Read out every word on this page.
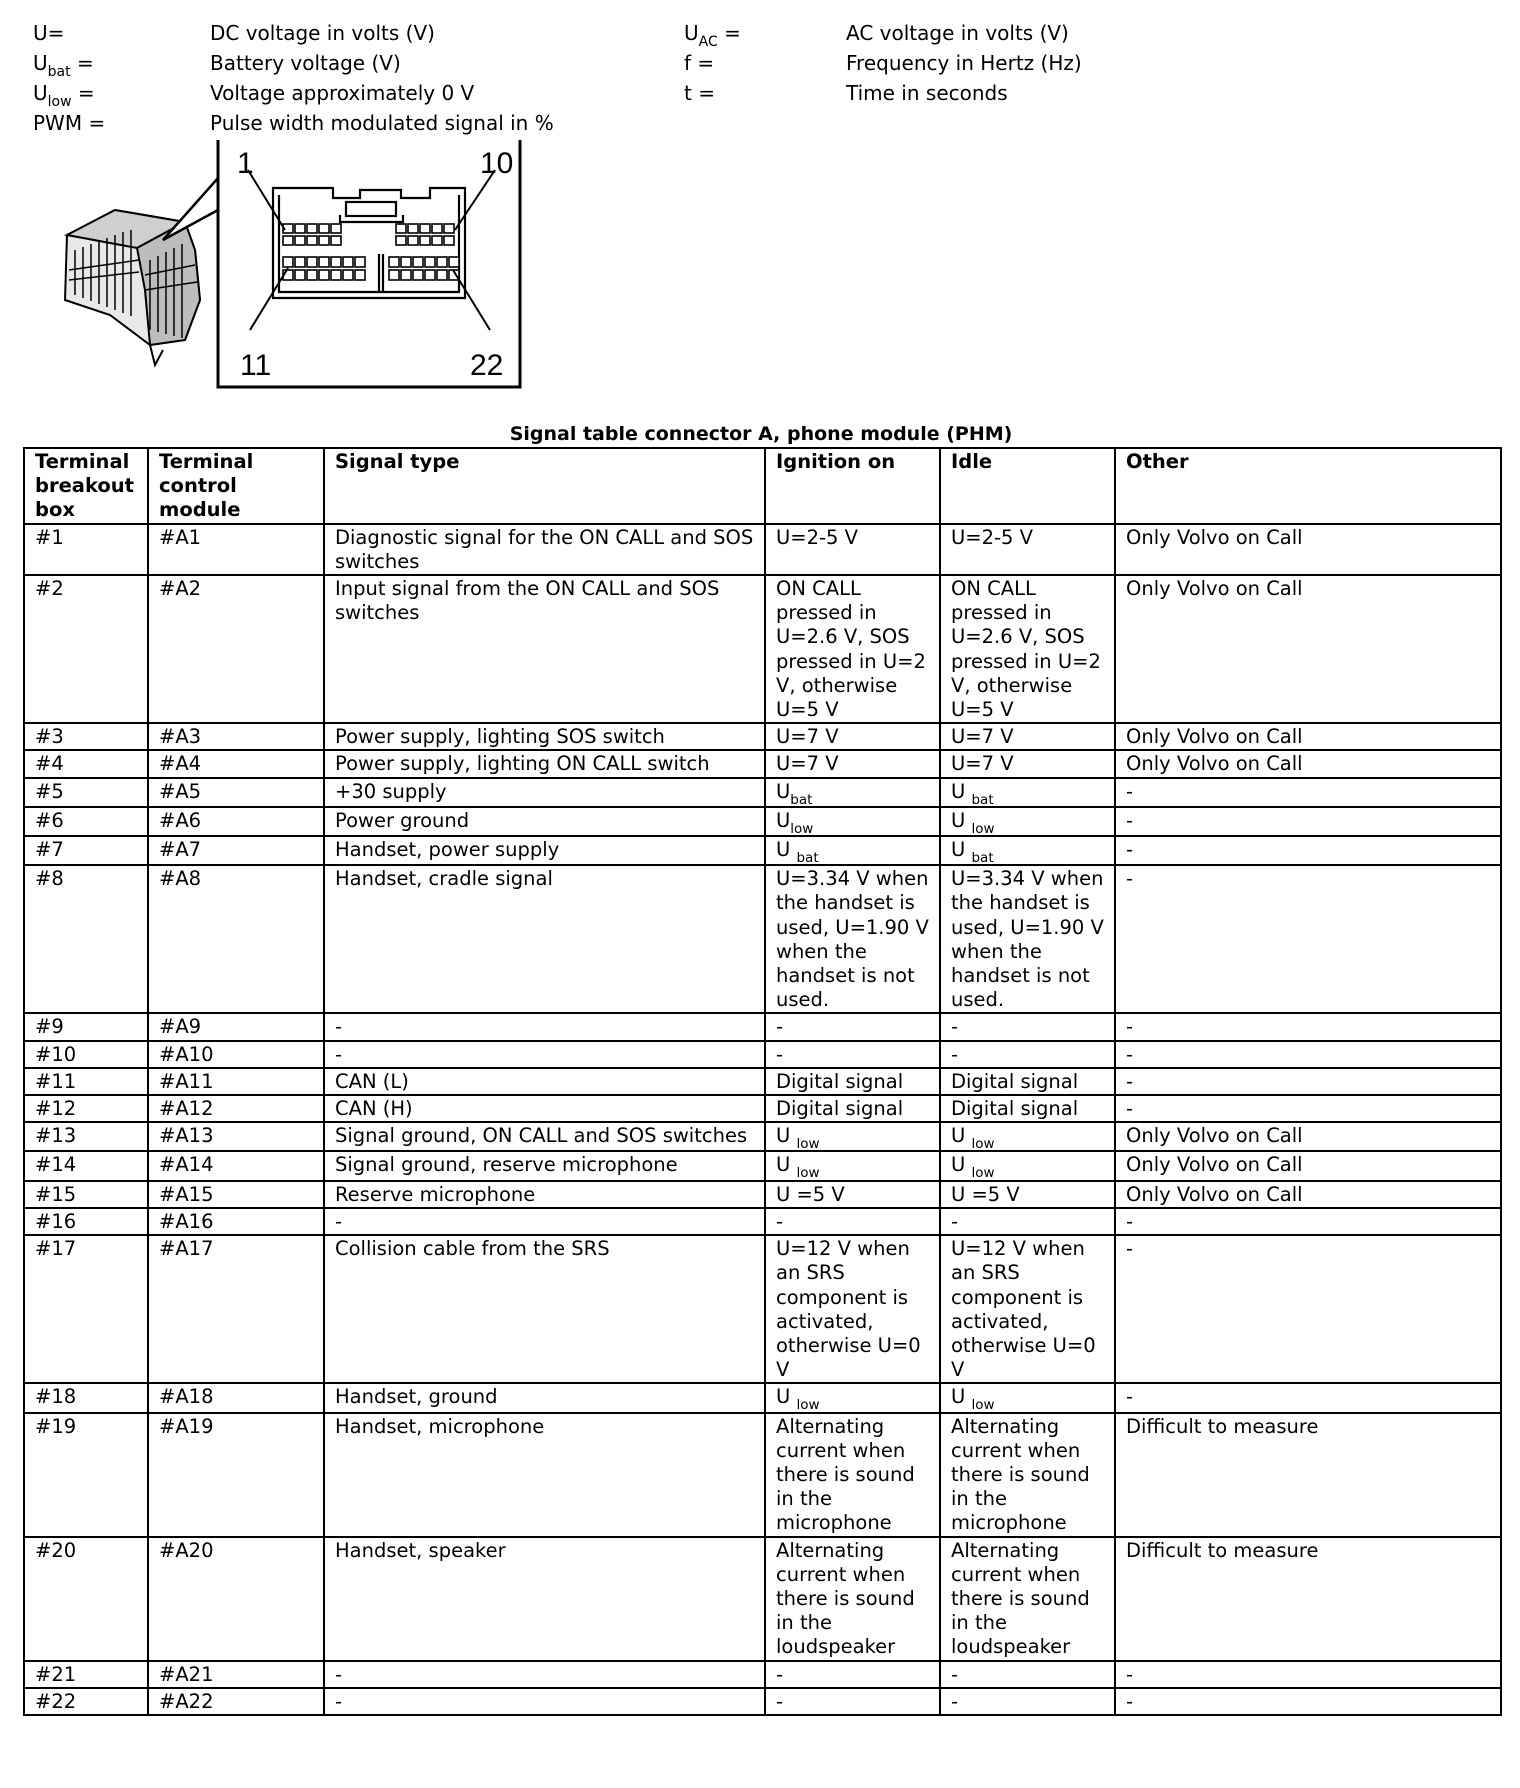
U=	DC voltage in volts (V)
$U_{bat}$ =	Battery voltage (V)
$U_{low}$ =	Voltage approximately 0 V
PWM =	Pulse width modulated signal in %
$U_{AC}$ =	AC voltage in volts (V)
f =	Frequency in Hertz (Hz)
t =	Time in seconds
1	10
11	22
Signal table connector A, phone module (PHM)
Terminal breakout box	Terminal control module	Signal type	Ignition on	Idle	Other
#1	#A1	Diagnostic signal for the ON CALL and SOS switches	U=2-5 V	U=2-5 V	Only Volvo on Call
#2	#A2	Input signal from the ON CALL and SOS switches	ON CALL pressed in U=2.6 V, SOS pressed in U=2 V, otherwise U=5 V	ON CALL pressed in U=2.6 V, SOS pressed in U=2 V, otherwise U=5 V	Only Volvo on Call
#3	#A3	Power supply, lighting SOS switch	U=7 V	U=7 V	Only Volvo on Call
#4	#A4	Power supply, lighting ON CALL switch	U=7 V	U=7 V	Only Volvo on Call
#5	#A5	+30 supply	$U_{bat}$	U $_{bat}$	-
#6	#A6	Power ground	$U_{low}$	U $_{low}$	-
#7	#A7	Handset, power supply	U $_{bat}$	U $_{bat}$	-
#8	#A8	Handset, cradle signal	U=3.34 V when the handset is used, U=1.90 V when the handset is not used.	U=3.34 V when the handset is used, U=1.90 V when the handset is not used.	-
#9	#A9	-	-	-	-
#10	#A10	-	-	-	-
#11	#A11	CAN (L)	Digital signal	Digital signal	-
#12	#A12	CAN (H)	Digital signal	Digital signal	-
#13	#A13	Signal ground, ON CALL and SOS switches	U $_{low}$	U $_{low}$	Only Volvo on Call
#14	#A14	Signal ground, reserve microphone	U $_{low}$	U $_{low}$	Only Volvo on Call
#15	#A15	Reserve microphone	U =5 V	U =5 V	Only Volvo on Call
#16	#A16	-	-	-	-
#17	#A17	Collision cable from the SRS	U=12 V when an SRS component is activated, otherwise U=0 V	U=12 V when an SRS component is activated, otherwise U=0 V	-
#18	#A18	Handset, ground	U $_{low}$	U $_{low}$	-
#19	#A19	Handset, microphone	Alternating current when there is sound in the microphone	Alternating current when there is sound in the microphone	Difficult to measure
#20	#A20	Handset, speaker	Alternating current when there is sound in the loudspeaker	Alternating current when there is sound in the loudspeaker	Difficult to measure
#21	#A21	-	-	-	-
#22	#A22	-	-	-	-
